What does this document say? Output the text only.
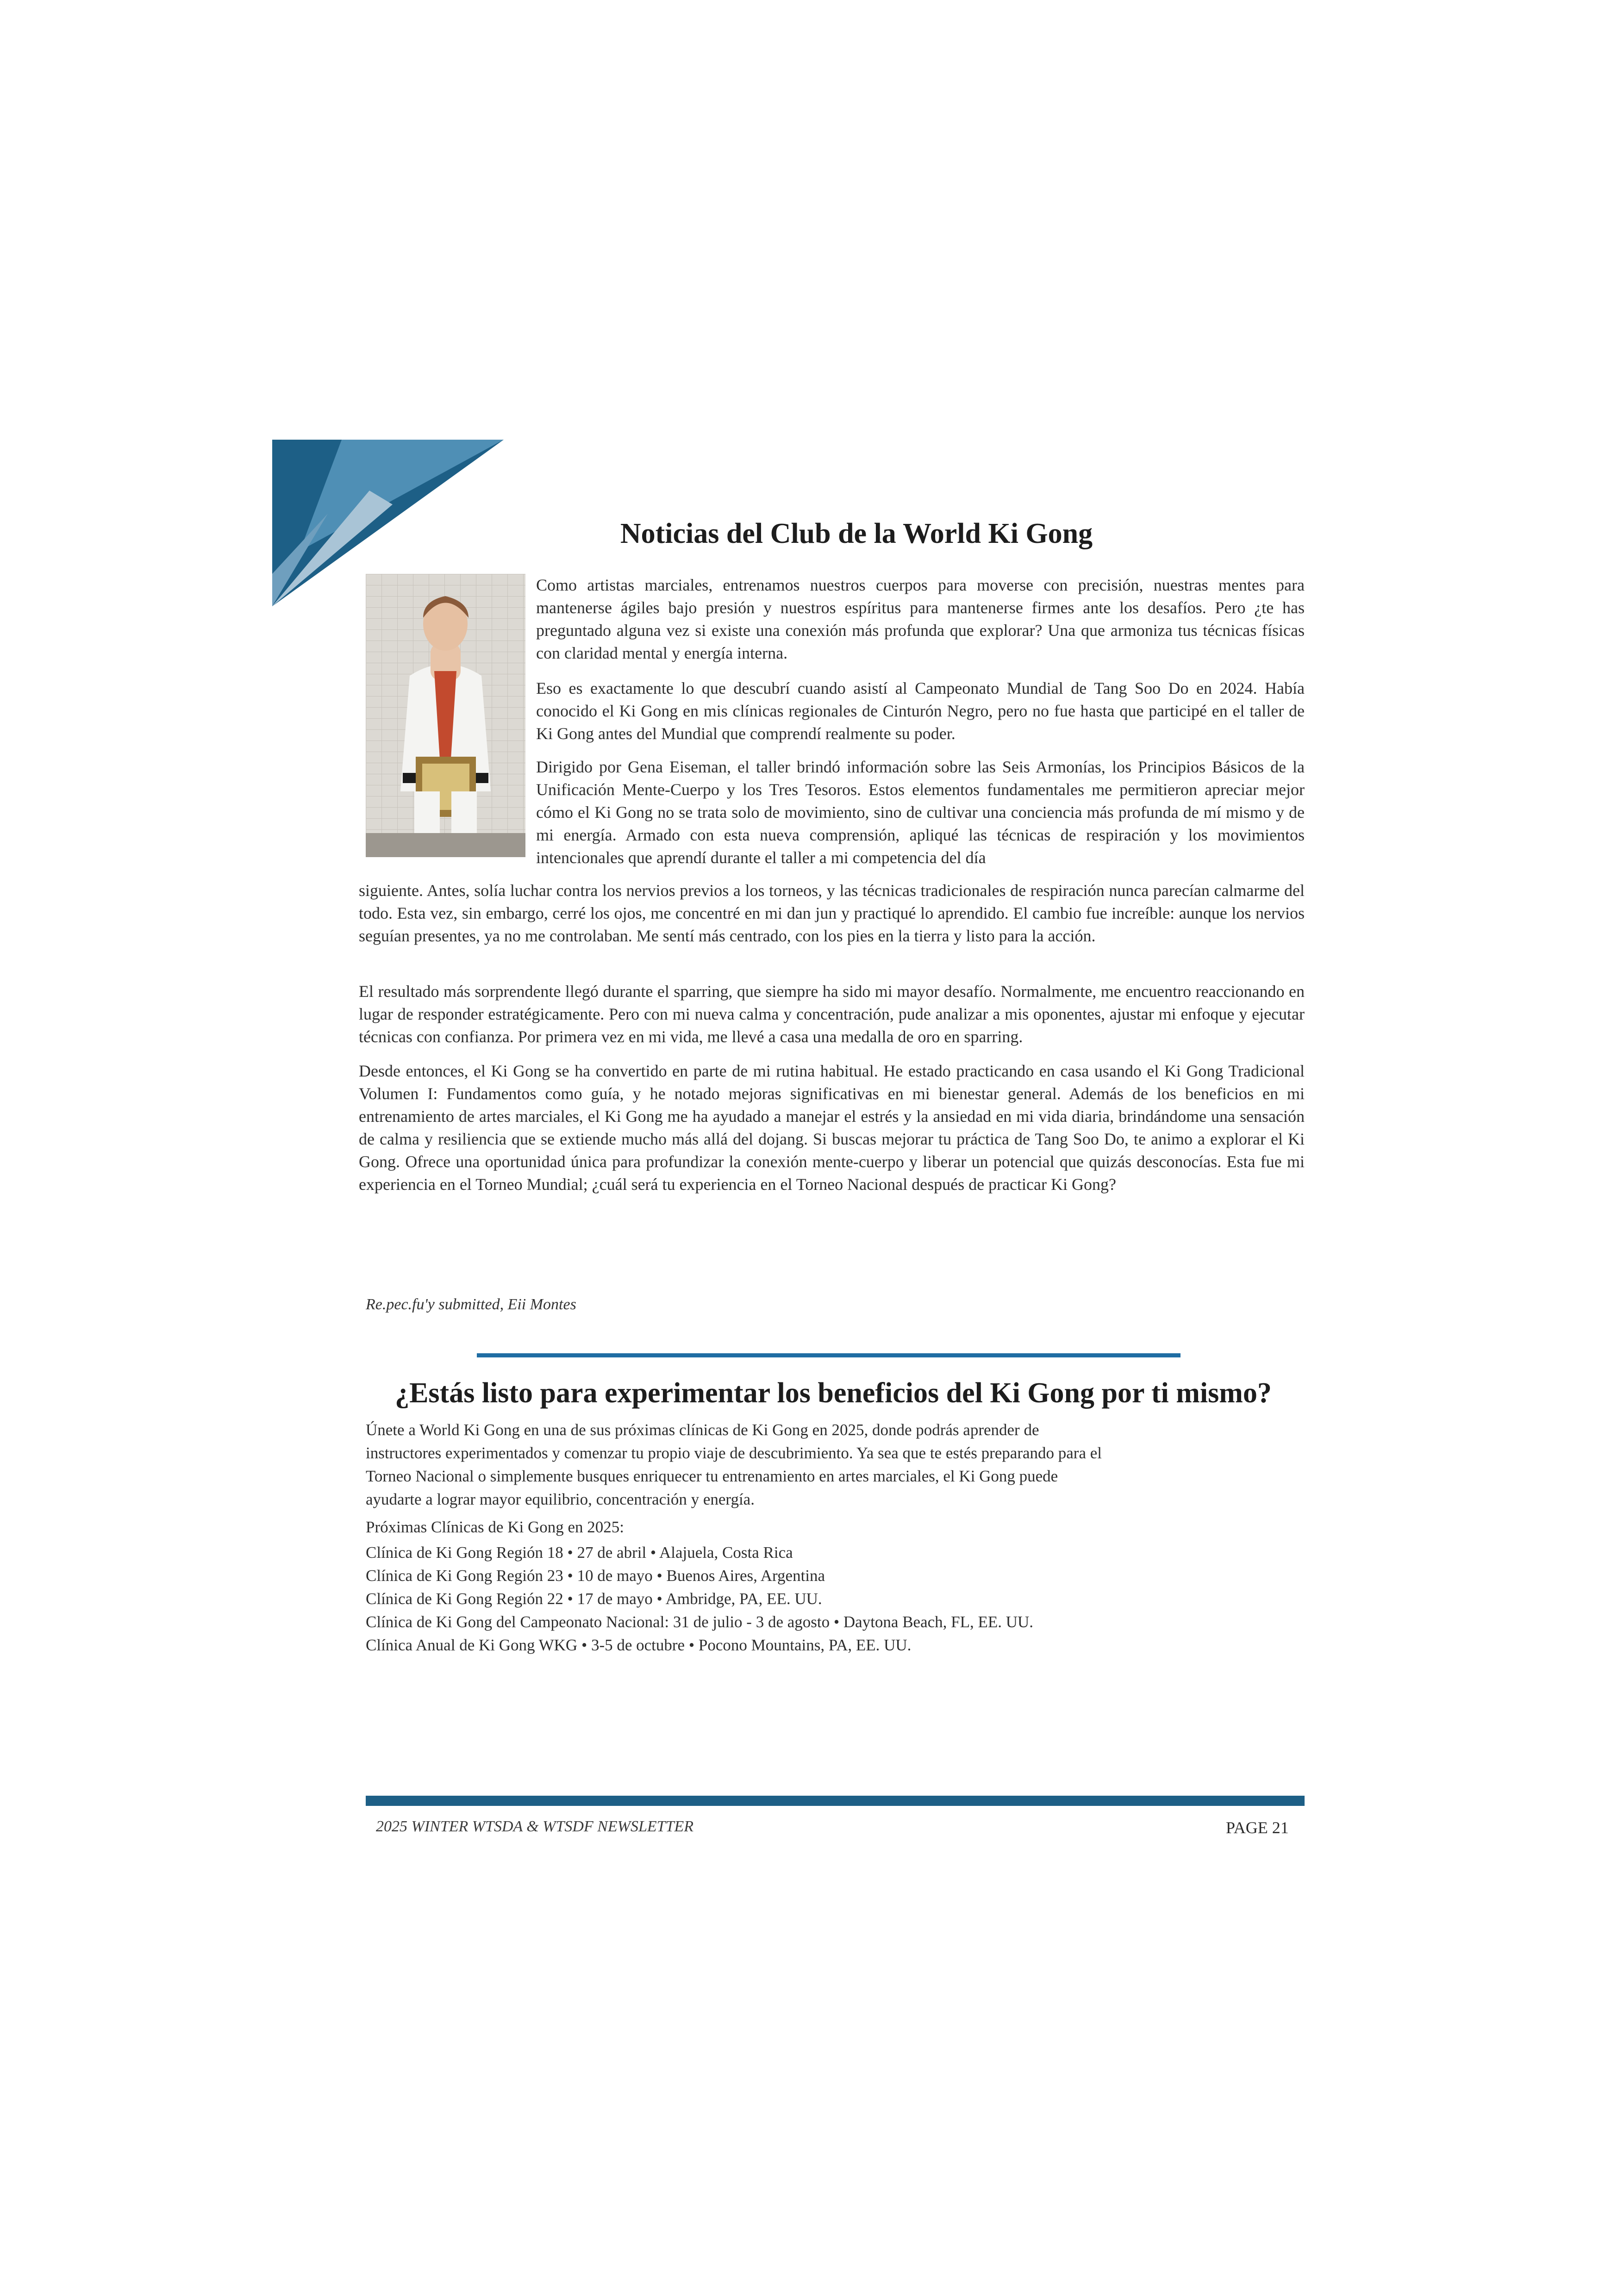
Noticias del Club de la World Ki Gong

Como artistas marciales, entrenamos nuestros cuerpos para moverse con precisión, nuestras mentes para mantenerse ágiles bajo presión y nuestros espíritus para mantenerse firmes ante los desafíos. Pero ¿te has preguntado alguna vez si existe una conexión más profunda que explorar? Una que armoniza tus técnicas físicas con claridad mental y energía interna.

Eso es exactamente lo que descubrí cuando asistí al Campeonato Mundial de Tang Soo Do en 2024. Había conocido el Ki Gong en mis clínicas regionales de Cinturón Negro, pero no fue hasta que participé en el taller de Ki Gong antes del Mundial que comprendí realmente su poder.

Dirigido por Gena Eiseman, el taller brindó información sobre las Seis Armonías, los Principios Básicos de la Unificación Mente-Cuerpo y los Tres Tesoros. Estos elementos fundamentales me permitieron apreciar mejor cómo el Ki Gong no se trata solo de movimiento, sino de cultivar una conciencia más profunda de mí mismo y de mi energía. Armado con esta nueva comprensión, apliqué las técnicas de respiración y los movimientos intencionales que aprendí durante el taller a mi competencia del día

siguiente. Antes, solía luchar contra los nervios previos a los torneos, y las técnicas tradicionales de respiración nunca parecían calmarme del todo. Esta vez, sin embargo, cerré los ojos, me concentré en mi dan jun y practiqué lo aprendido. El cambio fue increíble: aunque los nervios seguían presentes, ya no me controlaban. Me sentí más centrado, con los pies en la tierra y listo para la acción.

El resultado más sorprendente llegó durante el sparring, que siempre ha sido mi mayor desafío. Normalmente, me encuentro reaccionando en lugar de responder estratégicamente. Pero con mi nueva calma y concentración, pude analizar a mis oponentes, ajustar mi enfoque y ejecutar técnicas con confianza. Por primera vez en mi vida, me llevé a casa una medalla de oro en sparring.

Desde entonces, el Ki Gong se ha convertido en parte de mi rutina habitual. He estado practicando en casa usando el Ki Gong Tradicional Volumen I: Fundamentos como guía, y he notado mejoras significativas en mi bienestar general. Además de los beneficios en mi entrenamiento de artes marciales, el Ki Gong me ha ayudado a manejar el estrés y la ansiedad en mi vida diaria, brindándome una sensación de calma y resiliencia que se extiende mucho más allá del dojang. Si buscas mejorar tu práctica de Tang Soo Do, te animo a explorar el Ki Gong. Ofrece una oportunidad única para profundizar la conexión mente-cuerpo y liberar un potencial que quizás desconocías. Esta fue mi experiencia en el Torneo Mundial; ¿cuál será tu experiencia en el Torneo Nacional después de practicar Ki Gong?

Re.pec.fu'y submitted, Eii Montes
¿Estás listo para experimentar los beneficios del Ki Gong por ti mismo?

Únete a World Ki Gong en una de sus próximas clínicas de Ki Gong en 2025, donde podrás aprender de instructores experimentados y comenzar tu propio viaje de descubrimiento. Ya sea que te estés preparando para el Torneo Nacional o simplemente busques enriquecer tu entrenamiento en artes marciales, el Ki Gong puede ayudarte a lograr mayor equilibrio, concentración y energía.

Próximas Clínicas de Ki Gong en 2025:
Clínica de Ki Gong Región 18 • 27 de abril • Alajuela, Costa Rica
Clínica de Ki Gong Región 23 • 10 de mayo • Buenos Aires, Argentina
Clínica de Ki Gong Región 22 • 17 de mayo • Ambridge, PA, EE. UU.
Clínica de Ki Gong del Campeonato Nacional: 31 de julio - 3 de agosto • Daytona Beach, FL, EE. UU.
Clínica Anual de Ki Gong WKG • 3-5 de octubre • Pocono Mountains, PA, EE. UU.
2025 WINTER WTSDA & WTSDF NEWSLETTER	PAGE 21
